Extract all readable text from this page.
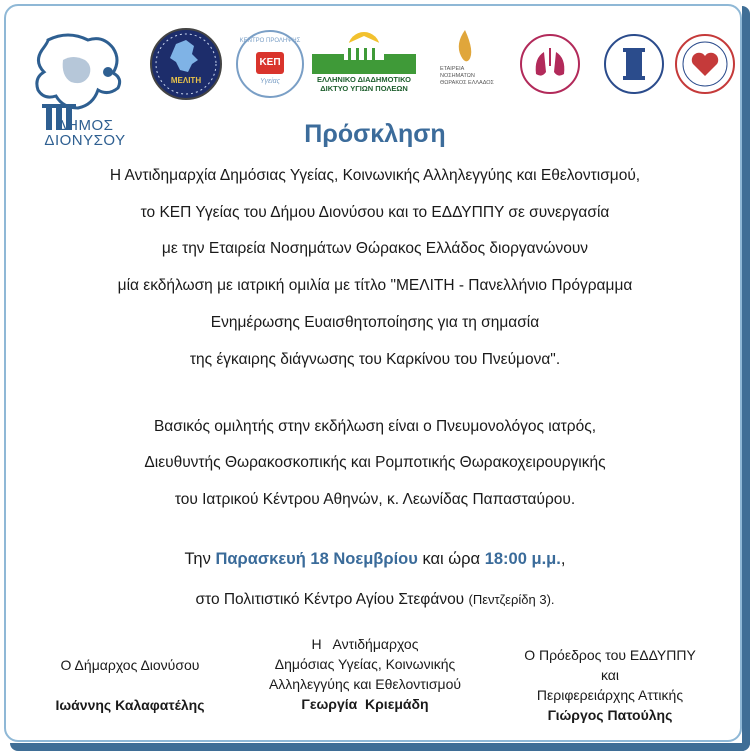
ΔΗΜΟΣ
ΔΙΟΝΥΣΟΥ
ΜΕΛΙΤΗ
ΚΕΝΤΡΟ ΠΡΟΛΗΨΗΣ
ΚΕΠ
Υγείας	ΕΛΛΗΝΙΚΟ ΔΙΑΔΗΜΟΤΙΚΟ
ΔΙΚΤΥΟ ΥΓΙΩΝ ΠΟΛΕΩΝ
ΕΤΑΙΡΕΙΑ ΝΟΣΗΜΑΤΩΝ ΘΩΡΑΚΟΣ ΕΛΛΑΔΟΣ
Πρόσκληση
Η Αντιδημαρχία Δημόσιας Υγείας, Κοινωνικής Αλληλεγγύης και Εθελοντισμού,
το ΚΕΠ Υγείας του Δήμου Διονύσου και το ΕΔΔΥΠΠΥ σε συνεργασία
με την Εταιρεία Νοσημάτων Θώρακος Ελλάδος διοργανώνουν
μία εκδήλωση με ιατρική ομιλία με τίτλο "ΜΕΛΙΤΗ - Πανελλήνιο Πρόγραμμα
Ενημέρωσης Ευαισθητοποίησης για τη σημασία
της έγκαιρης διάγνωσης του Καρκίνου του Πνεύμονα".
Βασικός ομιλητής στην εκδήλωση είναι ο Πνευμονολόγος ιατρός,
Διευθυντής Θωρακοσκοπικής και Ρομποτικής Θωρακοχειρουργικής
του Ιατρικού Κέντρου Αθηνών, κ. Λεωνίδας Παπασταύρου.
Την Παρασκευή 18 Νοεμβρίου και ώρα 18:00 μ.μ.,
στο Πολιτιστικό Κέντρο Αγίου Στεφάνου (Πεντζερίδη 3).
Ο Δήμαρχος Διονύσου
Ιωάννης Καλαφατέλης
Η   Αντιδήμαρχος
Δημόσιας Υγείας, Κοινωνικής
Αλληλεγγύης και Εθελοντισμού
Γεωργία  Κριεμάδη
Ο Πρόεδρος του ΕΔΔΥΠΠΥ
και
Περιφερειάρχης Αττικής
Γιώργος Πατούλης
